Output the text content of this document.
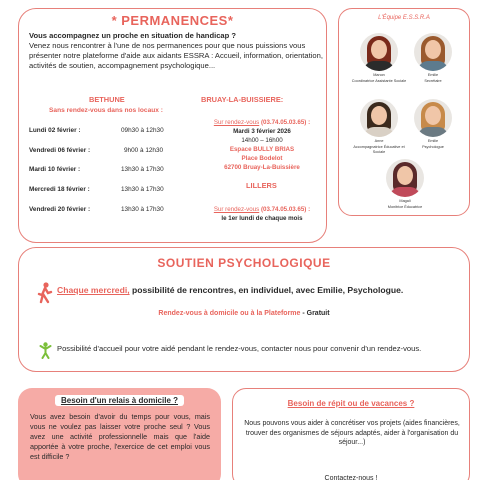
* PERMANENCES*
Vous accompagnez un proche en situation de handicap ?
Venez nous rencontrer à l'une de nos permanences pour que nous puissions vous présenter notre plateforme d'aide aux aidants ESSRA : Accueil, information, orientation, activités de soutien, accompagnement psychologique...
BETHUNE
Sans rendez-vous dans nos locaux :
Lundi 02 février :	09h30 à 12h30
Vendredi 06 février :	9h00 à 12h30
Mardi 10 février :	13h30 à 17h30
Mercredi 18 février :	13h30 à 17h30
Vendredi 20 février :	13h30 à 17h30
BRUAY-LA-BUISSIERE:
Sur rendez-vous (03.74.05.03.65) :
Mardi 3 février 2026
14h00 – 16h00
Espace BULLY BRIAS
Place Bodelot
62700 Bruay-La-Buissière
LILLERS
Sur rendez-vous (03.74.05.03.65) :
le 1er lundi de chaque mois
L'Équipe E.S.S.R.A
Manon
Coordinatrice Assistante Sociale
Emilie
Secrétaire
Anne
Accompagnatrice Éducative et Sociale
Emilie
Psychologue
Magali
Monitrice Éducatrice
SOUTIEN PSYCHOLOGIQUE
Chaque mercredi, possibilité de rencontres, en individuel, avec Emilie, Psychologue.
Rendez-vous à domicile ou à la Plateforme - Gratuit
Possibilité d'accueil pour votre aidé pendant le rendez-vous, contacter nous pour convenir d'un rendez-vous.
Besoin d'un relais à domicile ?
Vous avez besoin d'avoir du temps pour vous, mais vous ne voulez pas laisser votre proche seul ? Vous avez une activité professionnelle mais que l'aide apportée à votre proche, l'exercice de cet emploi vous est difficile ?
Besoin de répit ou de vacances ?
Nous pouvons vous aider à concrétiser vos projets (aides financières, trouver des organismes de séjours adaptés, aider à l'organisation du séjour...)
Contactez-nous !
